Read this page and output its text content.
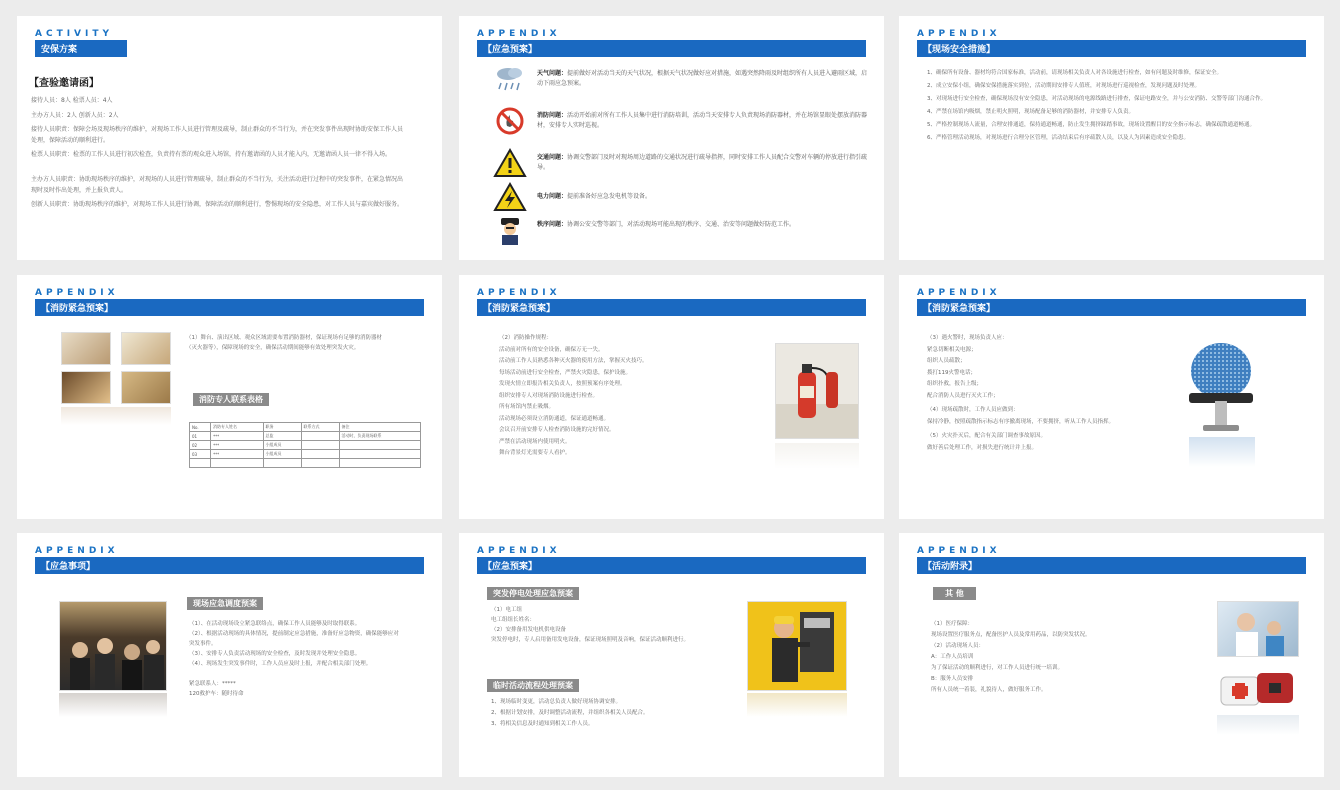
ACTIVITY
安保方案
【查验邀请函】

接待人员：8人 检票人员：4人

主办方人员：2人 创新人员：2人

接待人员职责：保障会场及现场秩序的维护，对现场工作人员进行管理及疏导，制止群众的不当行为，并在突发事件出现时协助安保工作人员处理，保障活动的顺利进行。

检票人员职责：检票的工作人员进行初次检查，负责持有票的观众进入场馆，持有邀请函的人员才能入内，无邀请函人员一律不得入场。

主办方人员职责：协助现场秩序的维护，对现场的人员进行管理疏导，制止群众的不当行为，关注活动进行过程中的突发事件，在紧急情况出现时及时作出处理，并上报负责人。

创新人员职责：协助现场秩序的维护，对现场工作人员进行协调，保障活动的顺利进行，警惕现场的安全隐患，对工作人员与嘉宾做好服务。

APPENDIX
【应急预案】
天气问题：提前做好对活动当天的天气状况，根据天气状况做好应对措施，如遇突然降雨及时组织所有人员进入避雨区域，启动下雨应急预案。
消防问题：活动开始前对所有工作人员集中进行消防培训，活动当天安排专人负责现场消防器材，并在场馆显眼处摆放消防器材，安排专人实时巡视。
交通问题：协调交警部门及时对现场周边道路的交通状况进行疏导指挥，同时安排工作人员配合交警对车辆的停放进行指引疏导。
电力问题：提前准备好应急发电机等设备。
秩序问题：协调公安交警等部门，对活动现场可能出现的秩序、交通、治安等问题做好防范工作。
APPENDIX
【现场安全措施】

1、确保所有设备、器材均符合国家标准，活动前，请现场相关负责人对各设施进行检查，如有问题及时维修，保证安全。

2、成立安保小组，确保安保措施落实到位，活动期间安排专人值班，对现场进行巡视检查，发现问题及时处理。

3、对现场进行安全检查，确保现场没有安全隐患，对活动现场的电源线路进行排查，保证电路安全，并与公安消防、交警等部门沟通合作。

4、严禁在场馆内吸烟，禁止明火照明，现场配备足够的消防器材，并安排专人负责。

5、严格控制现场人流量，合理安排通道，保持通道畅通，防止发生拥挤踩踏事故，现场设置醒目的安全指示标志，确保疏散通道畅通。

6、严格管理活动现场，对现场进行合理分区管理，活动结束后有序疏散人员，以及人为因素造成安全隐患。

APPENDIX
【消防紧急预案】

（1）舞台、演出区域、观众区域需要布置消防器材，保证现场有足够的消防器材（灭火器等），保障现场的安全，确保活动期间能够有效处理突发火灾。

消防专人联系表格
No.	消防专人姓名	职务	联系方式	备注
01	***	总监		活动时，负责现场联系
02	***	小组成员		
03	***	小组成员		

APPENDIX
【消防紧急预案】

（2）消防操作规程：

活动前对所有的安全设备，确保万无一失。

活动前工作人员熟悉各种灭火器的使用方法，掌握灭火技巧。

每场活动前进行安全检查，严禁火灾隐患，保护设施。

发现火情立即报告相关负责人，按照预案有序处理。

组织安排专人对现场消防设施进行检查。

所有场馆内禁止吸烟。

活动现场必须设立消防通道，保证通道畅通。

会议召开前安排专人检查消防设施的完好情况。

严禁在活动现场内使用明火。

舞台背景灯光需要专人看护。

APPENDIX
【消防紧急预案】

（3）遇火警时，现场负责人应：

紧急切断相关电源；

组织人员疏散；

拨打119火警电话；

组织扑救，报告上级；

配合消防人员进行灭火工作；

（4）现场疏散时，工作人员应做到：

保持冷静，按照疏散指示标志有序撤离现场，不要拥挤，听从工作人员指挥。

（5）火灾扑灭后，配合有关部门调查事故原因。

做好善后处理工作，对损失进行统计并上报。

APPENDIX
【应急事项】
现场应急调度预案

（1）、在活动现场设立紧急联络点，确保工作人员能够及时取得联系。

（2）、根据活动现场的具体情况，提前制定应急措施，准备好应急物资，确保能够应对突发事件。

（3）、安排专人负责活动现场的安全检查，及时发现并处理安全隐患。

（4）、现场发生突发事件时，工作人员应及时上报，并配合相关部门处理。

紧急联系人：*****

120救护车：随时待命

APPENDIX
【应急预案】
突发停电处理应急预案

（1）电工组

电工组组长姓名：

（2）安排备用发电机供电设备

突发停电时，专人启用备用发电设备，保证现场照明及音响，保证活动顺利进行。

临时活动流程处理预案

1、现场临时变更，活动总负责人做好现场协调安排。

2、根据计划安排，及时调整活动流程，并组织各相关人员配合。

3、将相关信息及时通知到相关工作人员。

APPENDIX
【活动附录】
其 他

（1）医疗保障：

现场设置医疗服务点，配备医护人员及常用药品，以防突发状况。

（2）活动现场人员：

A：工作人员培训

为了保证活动的顺利进行，对工作人员进行统一培训。

B：服务人员安排

所有人员统一着装，礼貌待人，做好服务工作。
